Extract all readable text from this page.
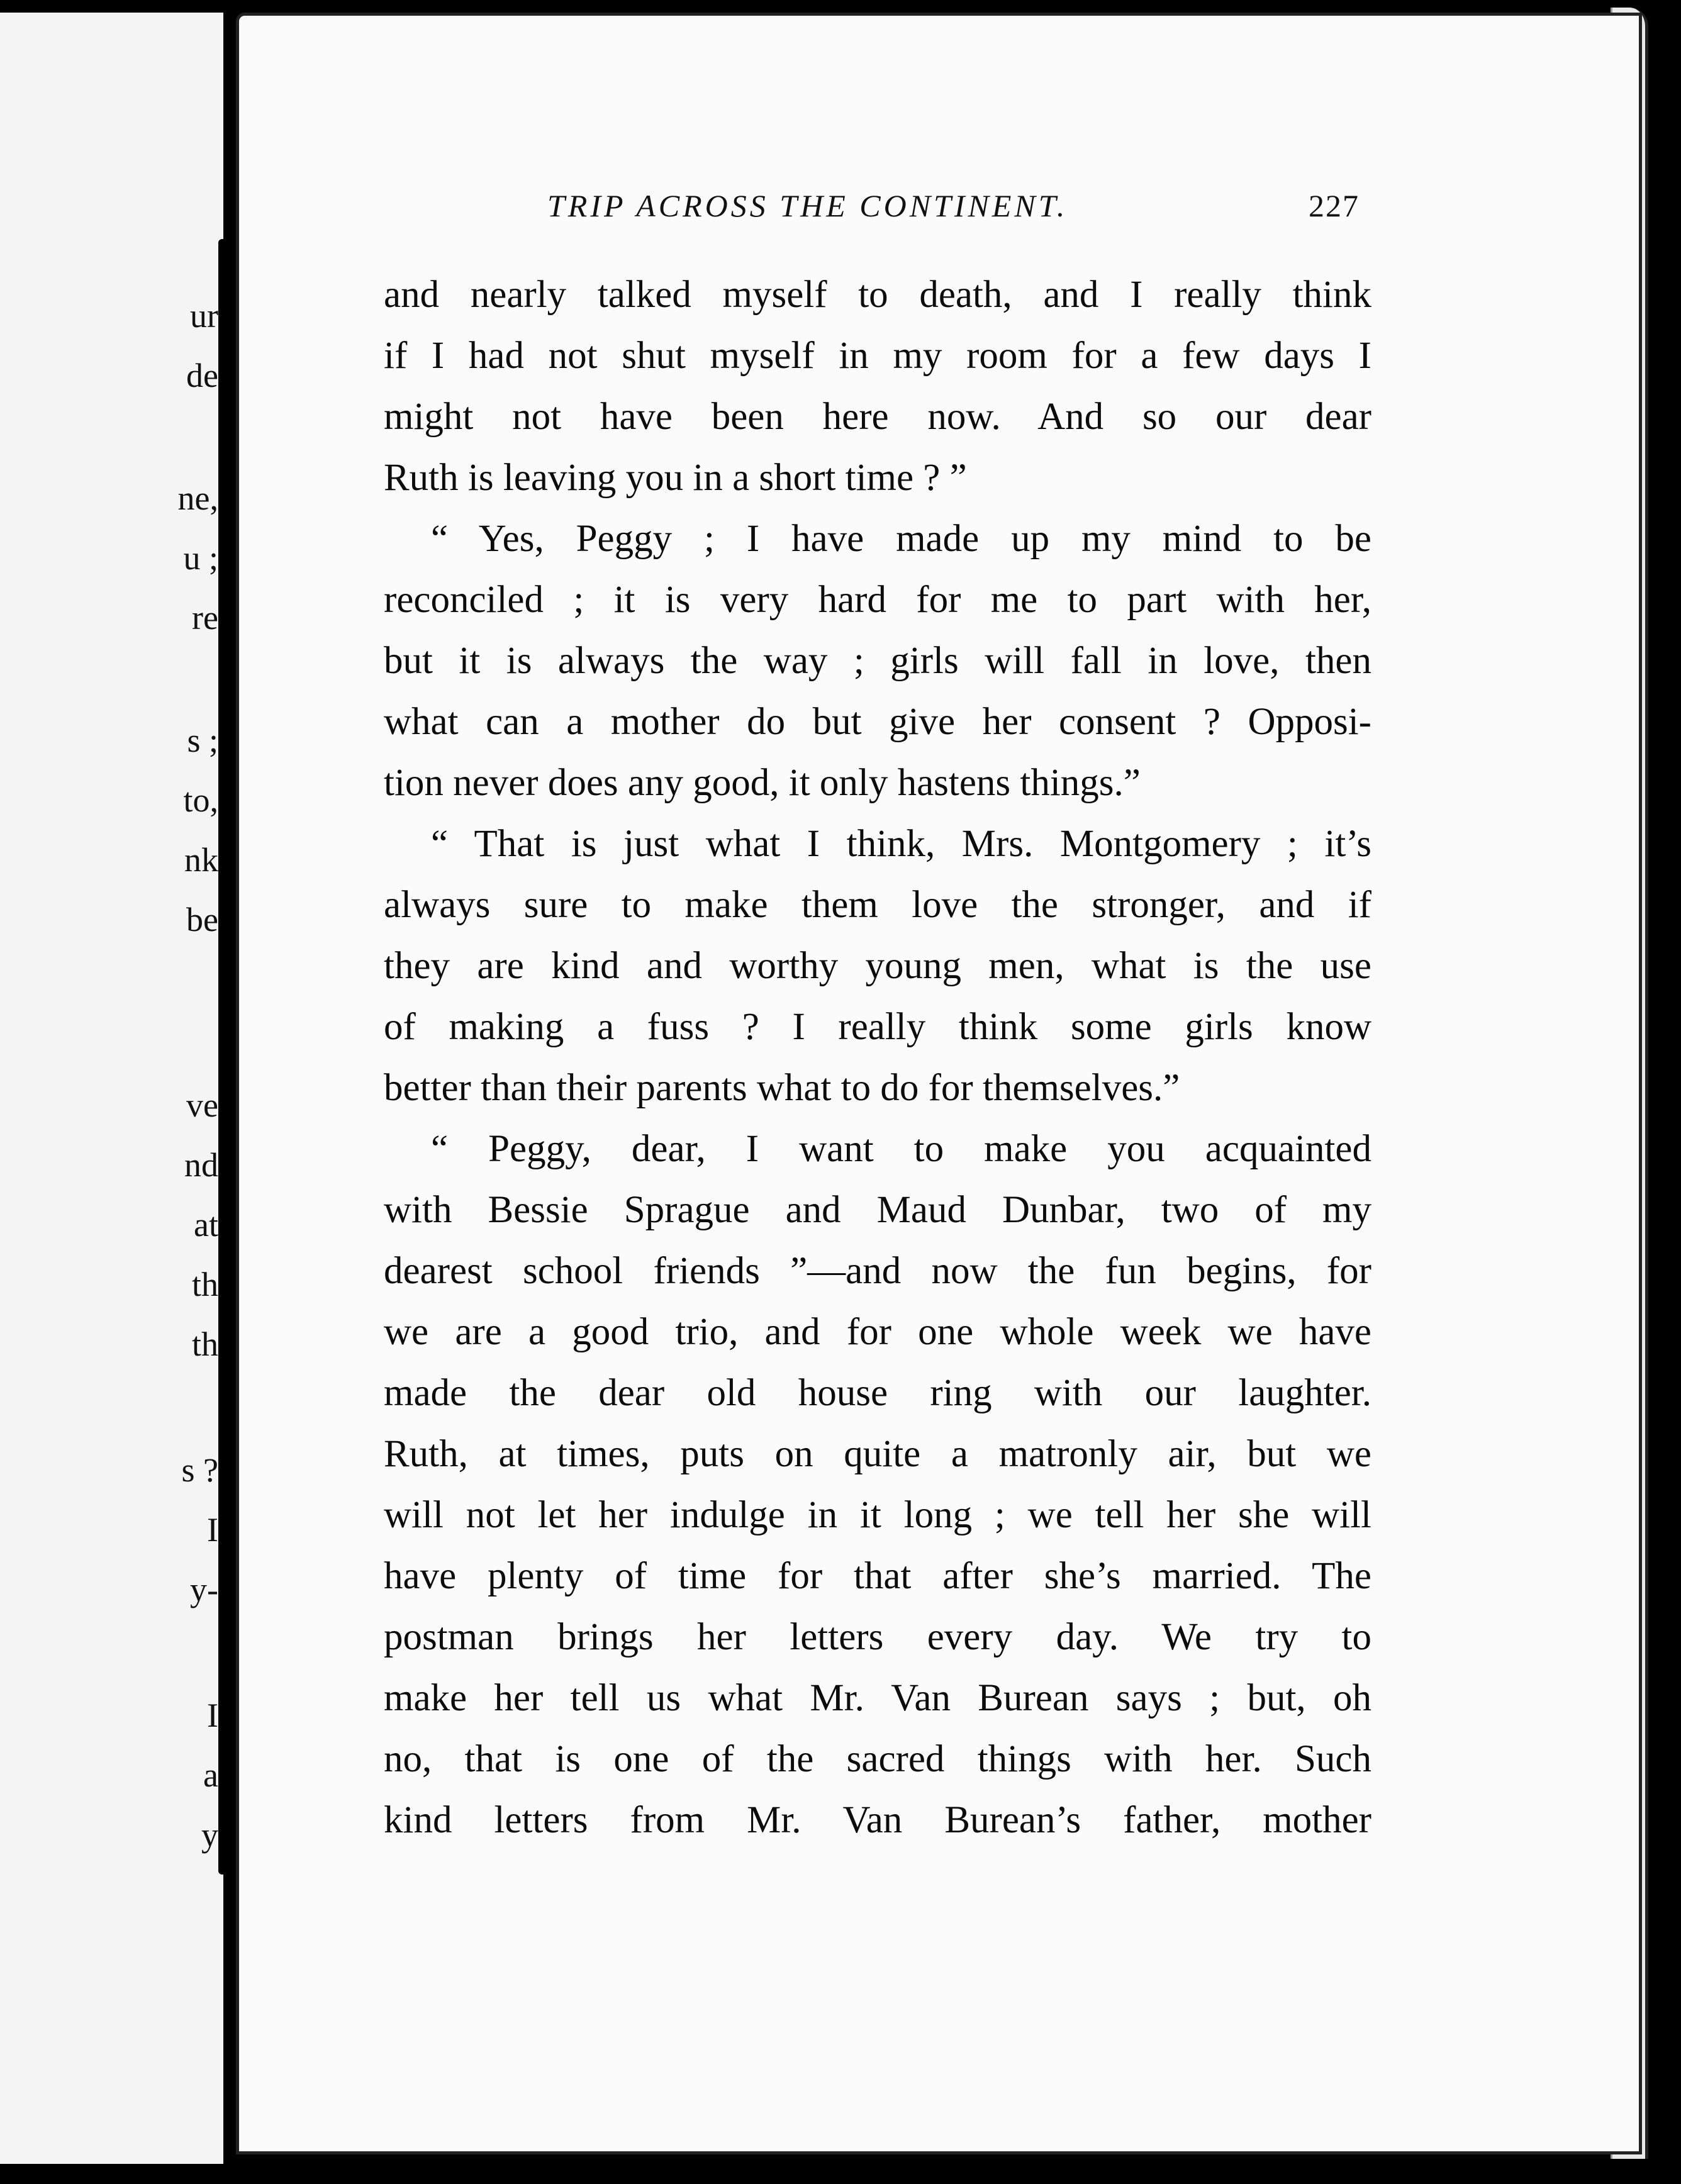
ur
de
ne,
u ;
re
s ;
to,
nk
be
ve
nd
at
th
th
s ?
I
y-
I
a
y
TRIP ACROSS THE CONTINENT.	227
and nearly talked myself to death, and I really think
if I had not shut myself in my room for a few days I
might not have been here now. And so our dear
Ruth is leaving you in a short time ? ”
“ Yes, Peggy ; I have made up my mind to be
reconciled ; it is very hard for me to part with her,
but it is always the way ; girls will fall in love, then
what can a mother do but give her consent ? Opposi-
tion never does any good, it only hastens things.”
“ That is just what I think, Mrs. Montgomery ; it’s
always sure to make them love the stronger, and if
they are kind and worthy young men, what is the use
of making a fuss ? I really think some girls know
better than their parents what to do for themselves.”
“ Peggy, dear, I want to make you acquainted
with Bessie Sprague and Maud Dunbar, two of my
dearest school friends ”—and now the fun begins, for
we are a good trio, and for one whole week we have
made the dear old house ring with our laughter.
Ruth, at times, puts on quite a matronly air, but we
will not let her indulge in it long ; we tell her she will
have plenty of time for that after she’s married. The
postman brings her letters every day. We try to
make her tell us what Mr. Van Burean says ; but, oh
no, that is one of the sacred things with her. Such
kind letters from Mr. Van Burean’s father, mother
